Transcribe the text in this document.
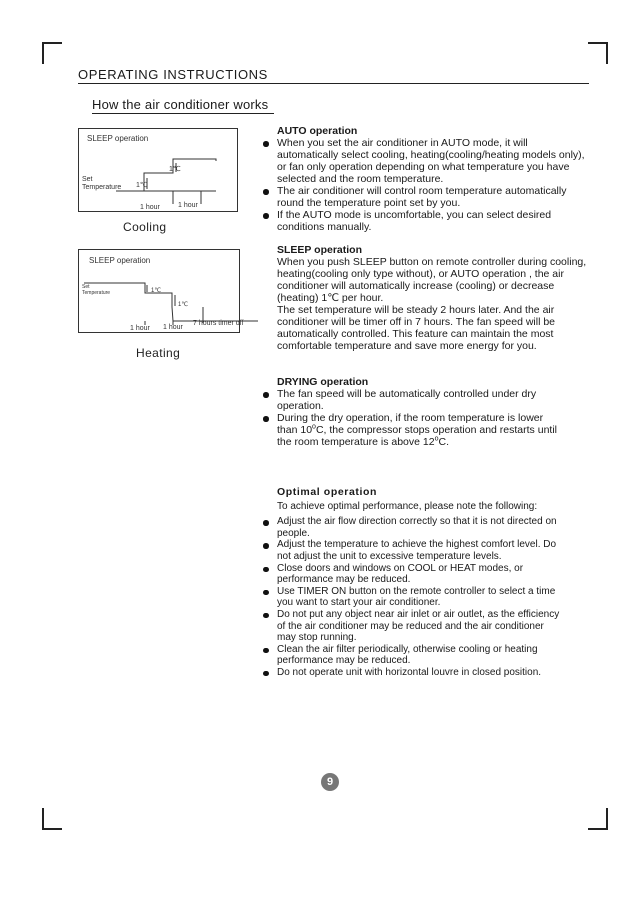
OPERATING INSTRUCTIONS
How the air conditioner works
SLEEP operation
Set
Temperature 1℃
1℃
1 hour	1 hour
Cooling
SLEEP operation
Set
Temperature	1℃
1℃
1 hour 1 hour
7 hours timer off
Heating

AUTO operation

When you set the air conditioner in AUTO mode, it will automatically select cooling, heating(cooling/heating models only), or fan only operation depending on what temperature you have selected and the room temperature.

The air conditioner will control room temperature automatically round the temperature point set by you.

If the AUTO mode is uncomfortable, you can select desired conditions manually.

SLEEP operation

When you push SLEEP button on remote controller during cooling, heating(cooling only type without), or AUTO operation , the air conditioner will automatically increase (cooling) or decrease (heating) 1℃ per hour.

The set temperature will be steady 2 hours later. And the air conditioner will be timer off in 7 hours. The fan speed will be automatically controlled. This feature can maintain the most comfortable temperature and save more energy for you.

DRYING operation

The fan speed will be automatically controlled under dry operation.

During the dry operation, if the room temperature is lower than 10$^o$C, the compressor stops operation and restarts until the room temperature is above 12$^o$C.

Optimal operation

To achieve optimal performance, please note the following:

Adjust the air flow direction correctly so that it is not directed on people.

Adjust the temperature to achieve the highest comfort level. Do not adjust the unit to excessive temperature levels.

Close doors and windows on COOL or HEAT modes, or performance may be reduced.

Use TIMER ON button on the remote controller to select a time you want to start your air conditioner.

Do not put any object near air inlet or air outlet, as the efficiency of the air conditioner may be reduced and the air conditioner may stop running.

Clean the air filter periodically, otherwise cooling or heating performance may be reduced.

Do not operate unit with horizontal louvre in closed position.

9
